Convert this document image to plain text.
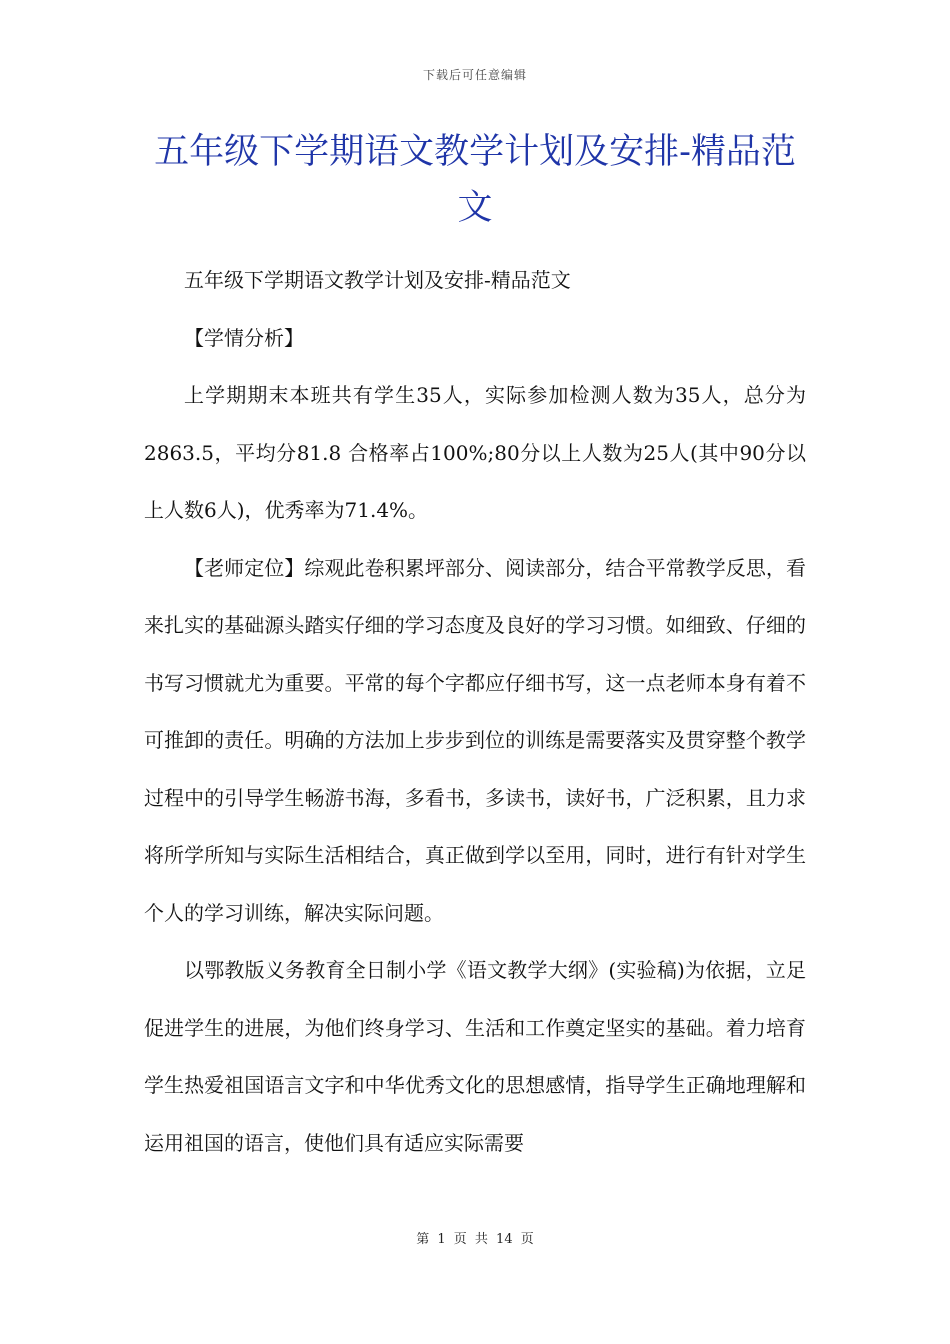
下载后可任意编辑
五年级下学期语文教学计划及安排-精品范文

五年级下学期语文教学计划及安排-精品范文

【学情分析】

上学期期末本班共有学生35人，实际参加检测人数为35人，总分为2863.5，平均分81.8 合格率占100%;80分以上人数为25人(其中90分以上人数6人)，优秀率为71.4%。

【老师定位】综观此卷积累坪部分、阅读部分，结合平常教学反思，看来扎实的基础源头踏实仔细的学习态度及良好的学习习惯。如细致、仔细的书写习惯就尤为重要。平常的每个字都应仔细书写，这一点老师本身有着不可推卸的责任。明确的方法加上步步到位的训练是需要落实及贯穿整个教学过程中的引导学生畅游书海，多看书，多读书，读好书，广泛积累，且力求将所学所知与实际生活相结合，真正做到学以至用，同时，进行有针对学生个人的学习训练，解决实际问题。

以鄂教版义务教育全日制小学《语文教学大纲》(实验稿)为依据，立足促进学生的进展，为他们终身学习、生活和工作奠定坚实的基础。着力培育学生热爱祖国语言文字和中华优秀文化的思想感情，指导学生正确地理解和运用祖国的语言，使他们具有适应实际需要

第 1 页 共 14 页
